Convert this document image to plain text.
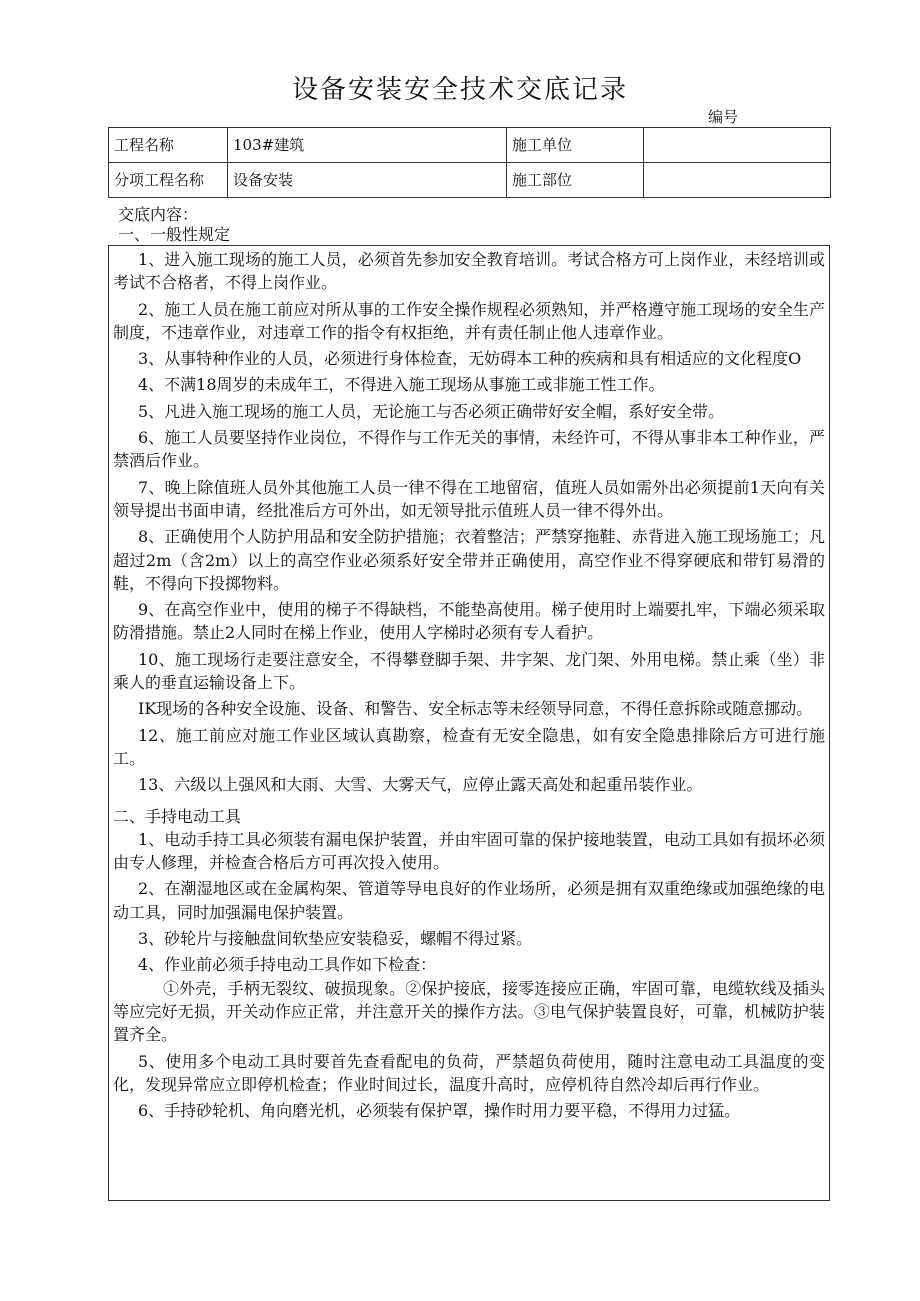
设备安装安全技术交底记录
编号
工程名称	103#建筑	施工单位	
分项工程名称	设备安装	施工部位	
交底内容：
一、一般性规定

1、进入施工现场的施工人员，必须首先参加安全教育培训。考试合格方可上岗作业，未经培训或考试不合格者，不得上岗作业。

2、施工人员在施工前应对所从事的工作安全操作规程必须熟知，并严格遵守施工现场的安全生产制度，不违章作业，对违章工作的指令有权拒绝，并有责任制止他人违章作业。

3、从事特种作业的人员，必须进行身体检查，无妨碍本工种的疾病和具有相适应的文化程度O

4、不满18周岁的未成年工，不得进入施工现场从事施工或非施工性工作。

5、凡进入施工现场的施工人员，无论施工与否必须正确带好安全帽，系好安全带。

6、施工人员要坚持作业岗位，不得作与工作无关的事情，未经许可，不得从事非本工种作业，严禁酒后作业。

7、晚上除值班人员外其他施工人员一律不得在工地留宿，值班人员如需外出必须提前1天向有关领导提出书面申请，经批准后方可外出，如无领导批示值班人员一律不得外出。

8、正确使用个人防护用品和安全防护措施；衣着整洁；严禁穿拖鞋、赤背进入施工现场施工；凡超过2m（含2m）以上的高空作业必须系好安全带并正确使用，高空作业不得穿硬底和带钉易滑的鞋，不得向下投掷物料。

9、在高空作业中，使用的梯子不得缺档，不能垫高使用。梯子使用时上端要扎牢，下端必须采取防滑措施。禁止2人同时在梯上作业，使用人字梯时必须有专人看护。

10、施工现场行走要注意安全，不得攀登脚手架、井字架、龙门架、外用电梯。禁止乘（坐）非乘人的垂直运输设备上下。

IK现场的各种安全设施、设备、和警告、安全标志等未经领导同意，不得任意拆除或随意挪动。

12、施工前应对施工作业区域认真勘察，检查有无安全隐患，如有安全隐患排除后方可进行施工。

13、六级以上强风和大雨、大雪、大雾天气，应停止露天高处和起重吊装作业。

二、手持电动工具

1、电动手持工具必须装有漏电保护装置，并由牢固可靠的保护接地装置，电动工具如有损坏必须由专人修理，并检查合格后方可再次投入使用。

2、在潮湿地区或在金属构架、管道等导电良好的作业场所，必须是拥有双重绝缘或加强绝缘的电动工具，同时加强漏电保护装置。

3、砂轮片与接触盘间软垫应安装稳妥，螺帽不得过紧。

4、作业前必须手持电动工具作如下检查：

①外壳，手柄无裂纹、破损现象。②保护接底，接零连接应正确，牢固可靠，电缆软线及插头等应完好无损，开关动作应正常，并注意开关的操作方法。③电气保护装置良好，可靠，机械防护装置齐全。

5、使用多个电动工具时要首先查看配电的负荷，严禁超负荷使用，随时注意电动工具温度的变化，发现异常应立即停机检查；作业时间过长，温度升高时，应停机待自然冷却后再行作业。

6、手持砂轮机、角向磨光机，必须装有保护罩，操作时用力要平稳，不得用力过猛。
